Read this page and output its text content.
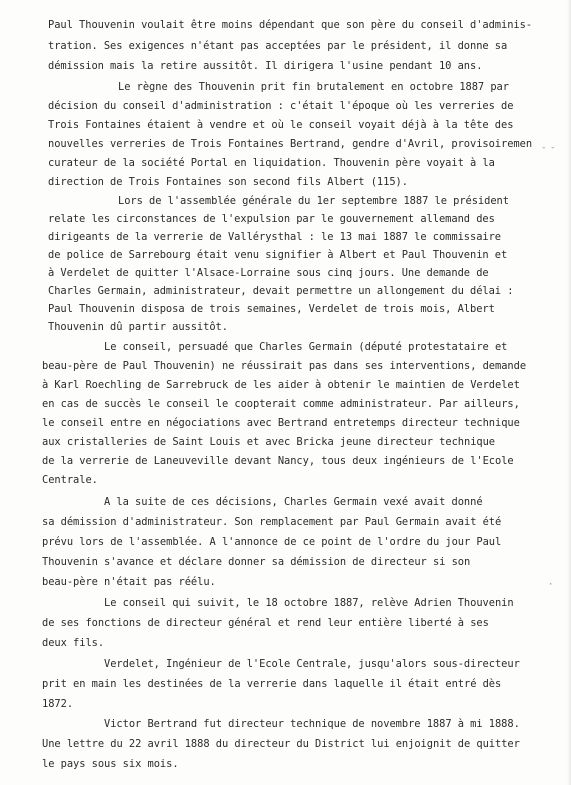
Paul Thouvenin voulait être moins dépendant que son père du conseil d'adminis-
tration. Ses exigences n'étant pas acceptées par le président, il donne sa
démission mais la retire aussitôt. Il dirigera l'usine pendant 10 ans.
Le règne des Thouvenin prit fin brutalement en octobre 1887 par
décision du conseil d'administration : c'était l'époque où les verreries de
Trois Fontaines étaient à vendre et où le conseil voyait déjà à la tête des
nouvelles verreries de Trois Fontaines Bertrand, gendre d'Avril, provisoiremen
curateur de la société Portal en liquidation. Thouvenin père voyait à la
direction de Trois Fontaines son second fils Albert (115).
Lors de l'assemblée générale du 1er septembre 1887 le président
relate les circonstances de l'expulsion par le gouvernement allemand des
dirigeants de la verrerie de Vallérysthal : le 13 mai 1887 le commissaire
de police de Sarrebourg était venu signifier à Albert et Paul Thouvenin et
à Verdelet de quitter l'Alsace-Lorraine sous cinq jours. Une demande de
Charles Germain, administrateur, devait permettre un allongement du délai :
Paul Thouvenin disposa de trois semaines, Verdelet de trois mois, Albert
Thouvenin dû partir aussitôt.
Le conseil, persuadé que Charles Germain (député protestataire et
beau-père de Paul Thouvenin) ne réussirait pas dans ses interventions, demande
à Karl Roechling de Sarrebruck de les aider à obtenir le maintien de Verdelet
en cas de succès le conseil le coopterait comme administrateur. Par ailleurs,
le conseil entre en négociations avec Bertrand entretemps directeur technique
aux cristalleries de Saint Louis et avec Bricka jeune directeur technique
de la verrerie de Laneuveville devant Nancy, tous deux ingénieurs de l'Ecole
Centrale.
A la suite de ces décisions, Charles Germain vexé avait donné
sa démission d'administrateur. Son remplacement par Paul Germain avait été
prévu lors de l'assemblée. A l'annonce de ce point de l'ordre du jour Paul
Thouvenin s'avance et déclare donner sa démission de directeur si son
beau-père n'était pas réélu.
Le conseil qui suivit, le 18 octobre 1887, relève Adrien Thouvenin
de ses fonctions de directeur général et rend leur entière liberté à ses
deux fils.
Verdelet, Ingénieur de l'Ecole Centrale, jusqu'alors sous-directeur
prit en main les destinées de la verrerie dans laquelle il était entré dès
1872.
Victor Bertrand fut directeur technique de novembre 1887 à mi 1888.
Une lettre du 22 avril 1888 du directeur du District lui enjoignit de quitter
le pays sous six mois.
- -
·
